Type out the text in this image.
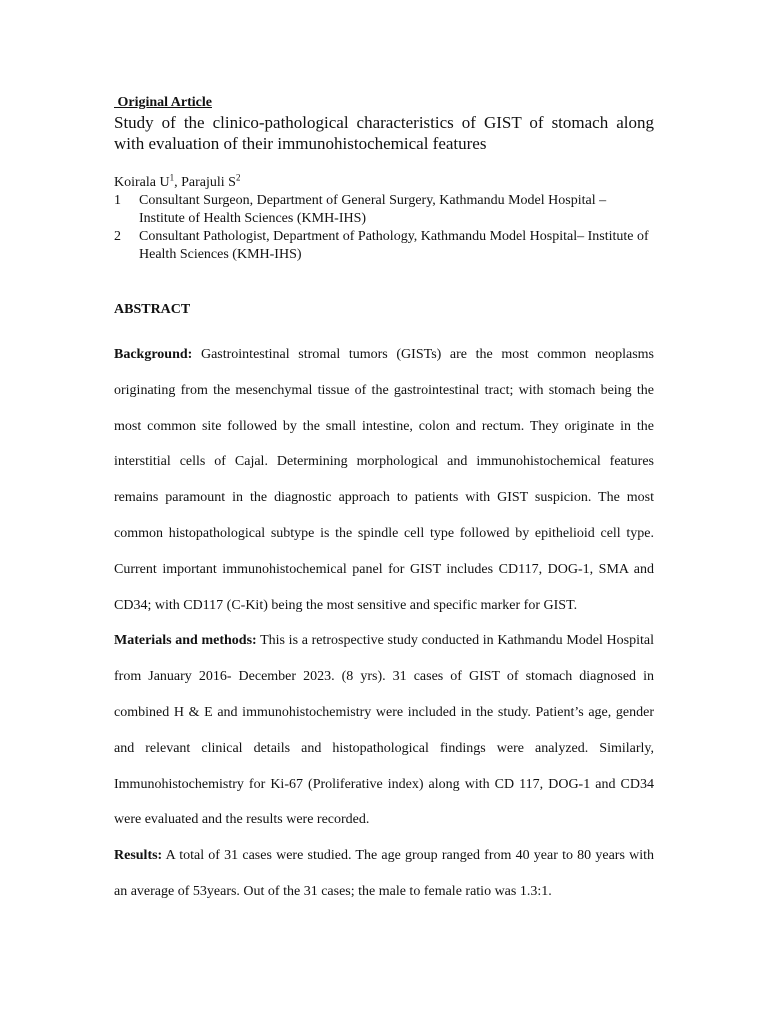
Original Article
Study of the clinico-pathological characteristics of GIST of stomach along with evaluation of their immunohistochemical features
Koirala $U^1$, Parajuli $S^2$
1	Consultant Surgeon, Department of General Surgery, Kathmandu Model Hospital – Institute of Health Sciences (KMH-IHS)
2	Consultant Pathologist, Department of Pathology, Kathmandu Model Hospital– Institute of Health Sciences (KMH-IHS)
ABSTRACT

Background: Gastrointestinal stromal tumors (GISTs) are the most common neoplasms originating from the mesenchymal tissue of the gastrointestinal tract; with stomach being the most common site followed by the small intestine, colon and rectum. They originate in the interstitial cells of Cajal. Determining morphological and immunohistochemical features remains paramount in the diagnostic approach to patients with GIST suspicion. The most common histopathological subtype is the spindle cell type followed by epithelioid cell type. Current important immunohistochemical panel for GIST includes CD117, DOG-1, SMA and CD34; with CD117 (C-Kit) being the most sensitive and specific marker for GIST.

Materials and methods: This is a retrospective study conducted in Kathmandu Model Hospital from January 2016- December 2023. (8 yrs). 31 cases of GIST of stomach diagnosed in combined H & E and immunohistochemistry were included in the study. Patient’s age, gender and relevant clinical details and histopathological findings were analyzed. Similarly, Immunohistochemistry for Ki-67 (Proliferative index) along with CD 117, DOG-1 and CD34 were evaluated and the results were recorded.

Results: A total of 31 cases were studied. The age group ranged from 40 year to 80 years with an average of 53years. Out of the 31 cases; the male to female ratio was 1.3:1.
